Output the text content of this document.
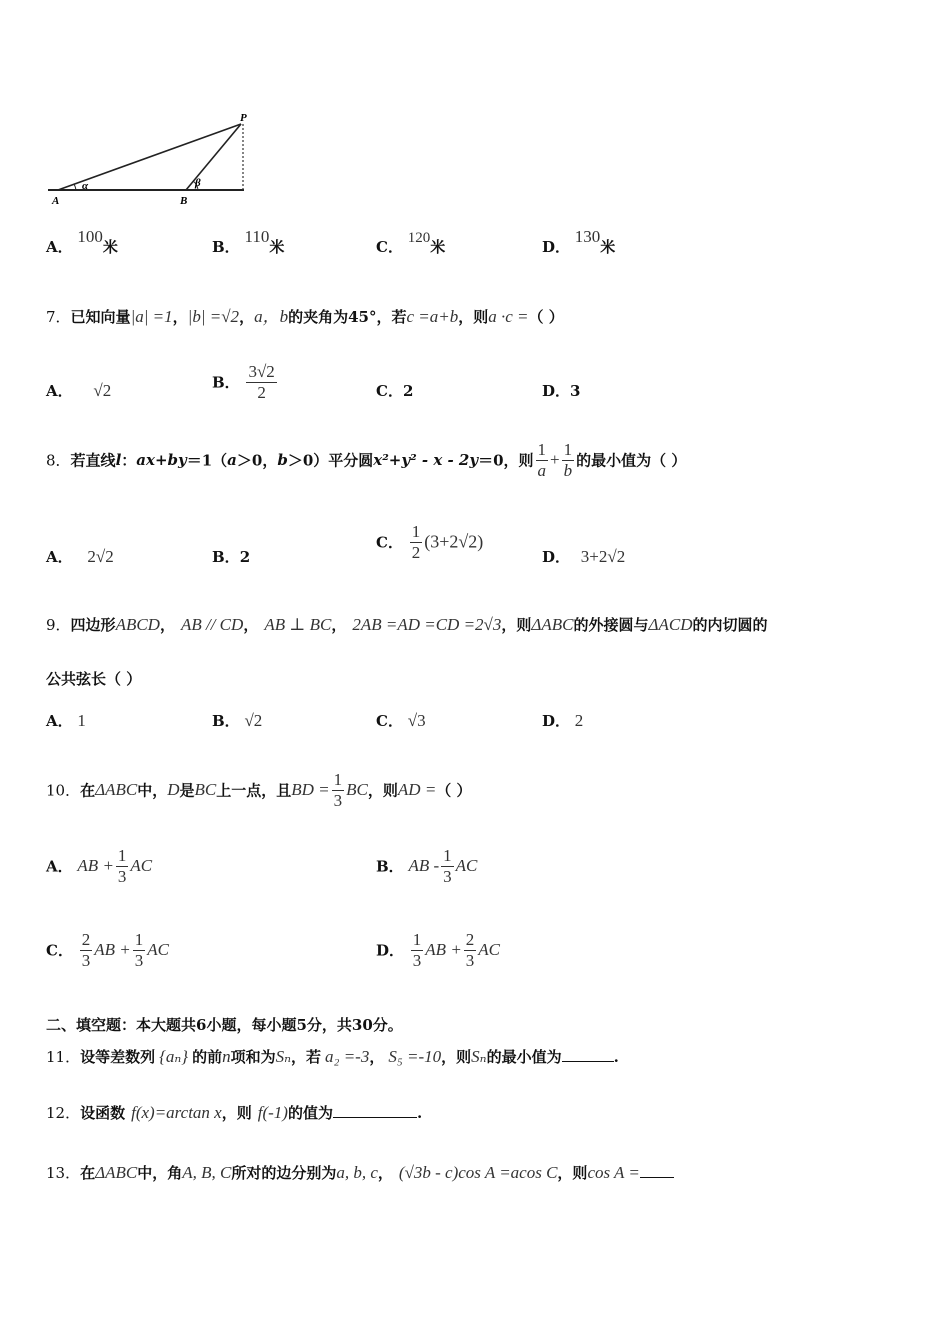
P
A	B
α	β
A． 100米	B． 110米	C． 120米	D． 130米
7．已知向量|a| =1，|b| =√2，a，b的夹角为45°，若c =a+b，则a ·c =（ ）
A． √2	B． $\frac{3√2}{2}$	C．2	D．3
8．若直线l：ax+by＝1（a＞0，b＞0）平分圆x²+y² - x - 2y＝0，则 $\frac{1}{a} + \frac{1}{b}$ 的最小值为（ ）
A． 2√2	B．2
C． $\frac{1}{2} (3+2√2)$
D． 3+2√2
9．四边形ABCD， AB // CD， AB ⊥ BC， 2AB =AD =CD =2√3，则ΔABC的外接圆与ΔACD的内切圆的
公共弦长（ ）
A． 1	B． √2	C． √3	D． 2
10．在ΔABC中，D是BC上一点，且BD = $\frac{1}{3}$ BC，则AD =（ ）
A． AB + $\frac{1}{3}$ AC	B． AB - $\frac{1}{3}$ AC
C． $\frac{2}{3}$ AB + $\frac{1}{3}$ AC	D． $\frac{1}{3}$ AB + $\frac{2}{3}$ AC
二、填空题：本大题共6小题，每小题5分，共30分。
11．设等差数列 {aₙ} 的前n项和为Sₙ，若 a₂ =-3， S₅ =-10，则Sₙ的最小值为	.
12．设函数 f(x)=arctan x，则 f(-1)的值为	.
13．在ΔABC中，角A, B, C所对的边分别为a, b, c， (√3b - c)cos A =acos C，则cos A =
